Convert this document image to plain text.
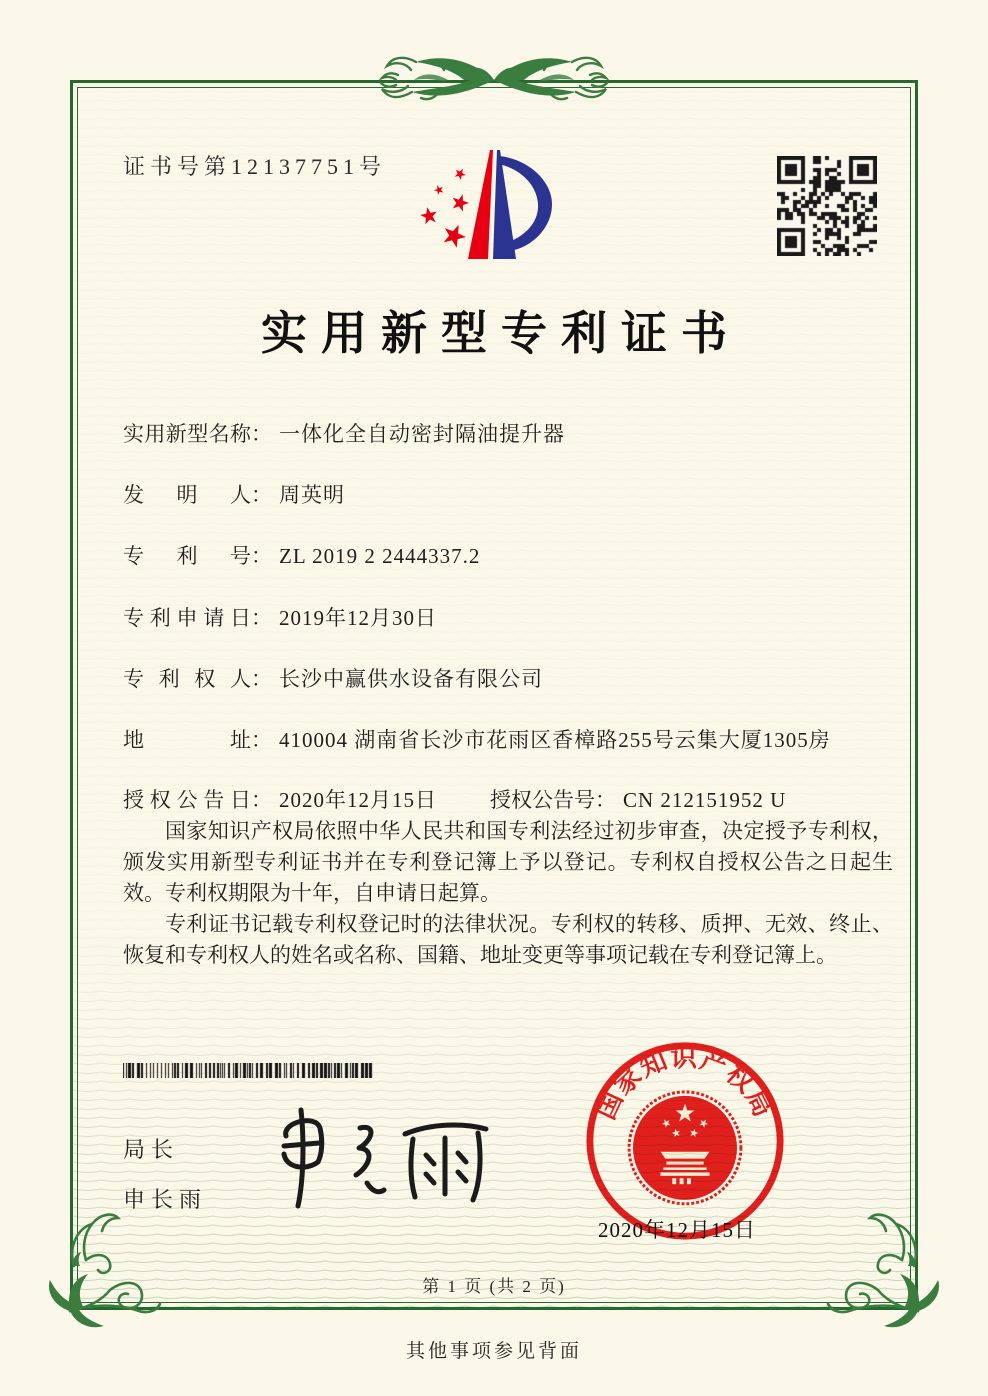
证书号第12137751号
实用新型专利证书
实用新型名称： 一体化全自动密封隔油提升器
发明人： 周英明
专利号： ZL 2019 2 2444337.2
专利申请日： 2019年12月30日
专利权人： 长沙中赢供水设备有限公司
地址： 410004 湖南省长沙市花雨区香樟路255号云集大厦1305房
授权公告日： 2020年12月15日	授权公告号： CN 212151952 U

国家知识产权局依照中华人民共和国专利法经过初步审查，决定授予专利权，颁发实用新型专利证书并在专利登记簿上予以登记。专利权自授权公告之日起生效。专利权期限为十年，自申请日起算。

专利证书记载专利权登记时的法律状况。专利权的转移、质押、无效、终止、恢复和专利权人的姓名或名称、国籍、地址变更等事项记载在专利登记簿上。

局长
申长雨
国家知识产权局
2020年12月15日
第 1 页 (共 2 页)
其他事项参见背面
